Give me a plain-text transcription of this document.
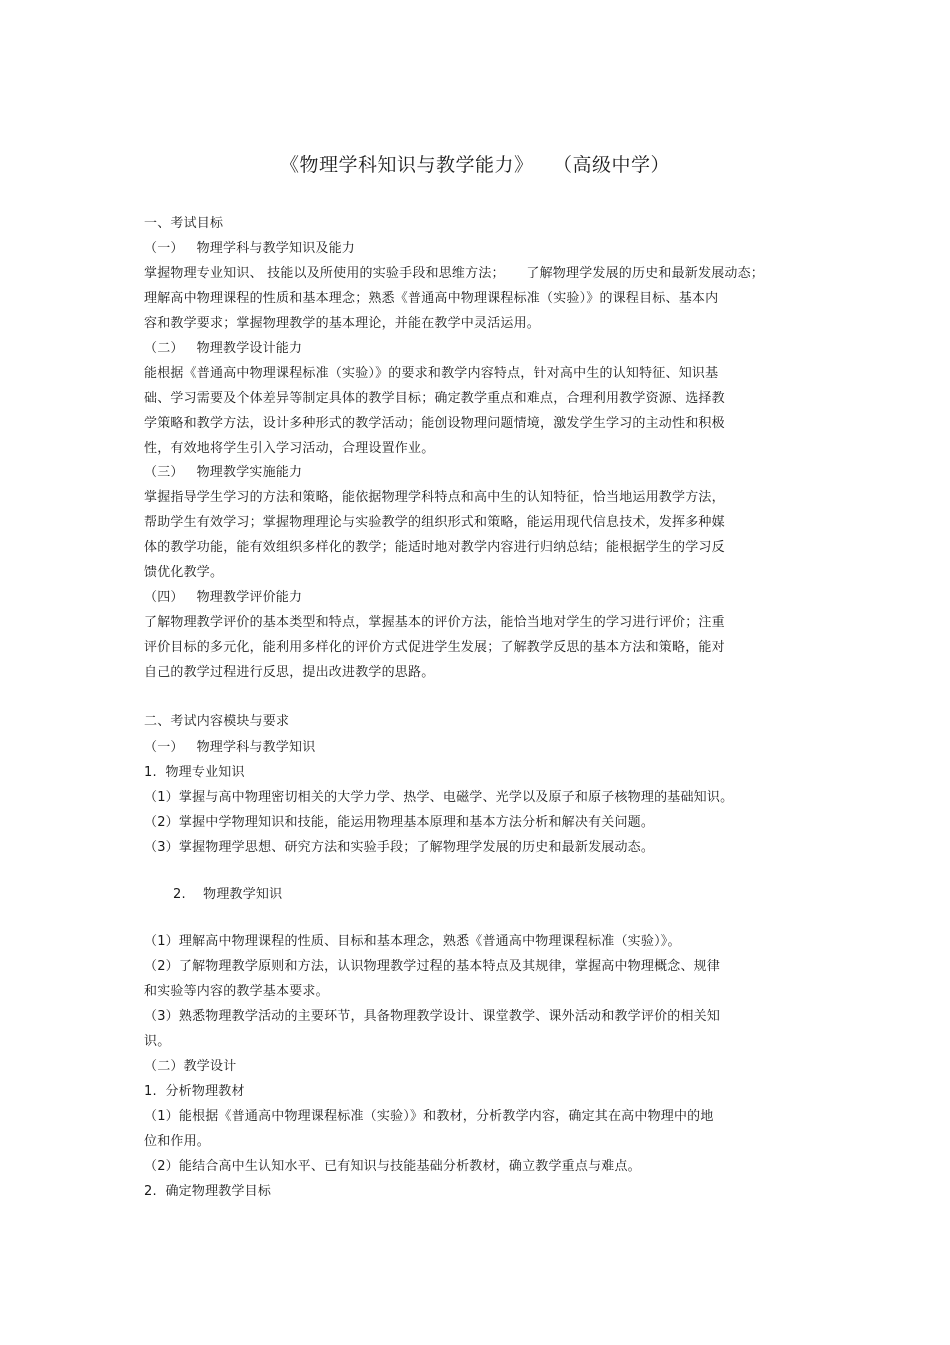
《物理学科知识与教学能力》   （高级中学）
一、考试目标
（一）   物理学科与教学知识及能力
掌握物理专业知识、 技能以及所使用的实验手段和思维方法；     了解物理学发展的历史和最新发展动态；
理解高中物理课程的性质和基本理念；熟悉《普通高中物理课程标准（实验）》的课程目标、基本内
容和教学要求；掌握物理教学的基本理论，并能在教学中灵活运用。
（二）   物理教学设计能力
能根据《普通高中物理课程标准（实验）》的要求和教学内容特点，针对高中生的认知特征、知识基
础、学习需要及个体差异等制定具体的教学目标；确定教学重点和难点，合理利用教学资源、选择教
学策略和教学方法，设计多种形式的教学活动；能创设物理问题情境，激发学生学习的主动性和积极
性，有效地将学生引入学习活动，合理设置作业。
（三）   物理教学实施能力
掌握指导学生学习的方法和策略，能依据物理学科特点和高中生的认知特征，恰当地运用教学方法，
帮助学生有效学习；掌握物理理论与实验教学的组织形式和策略，能运用现代信息技术，发挥多种媒
体的教学功能，能有效组织多样化的教学；能适时地对教学内容进行归纳总结；能根据学生的学习反
馈优化教学。
（四）   物理教学评价能力
了解物理教学评价的基本类型和特点，掌握基本的评价方法，能恰当地对学生的学习进行评价；注重
评价目标的多元化，能利用多样化的评价方式促进学生发展；了解教学反思的基本方法和策略，能对
自己的教学过程进行反思，提出改进教学的思路。
二、考试内容模块与要求
（一）   物理学科与教学知识
1.  物理专业知识
（1）掌握与高中物理密切相关的大学力学、热学、电磁学、光学以及原子和原子核物理的基础知识。
（2）掌握中学物理知识和技能，能运用物理基本原理和基本方法分析和解决有关问题。
（3）掌握物理学思想、研究方法和实验手段；了解物理学发展的历史和最新发展动态。
2.    物理教学知识
（1）理解高中物理课程的性质、目标和基本理念，熟悉《普通高中物理课程标准（实验）》。
（2）了解物理教学原则和方法，认识物理教学过程的基本特点及其规律，掌握高中物理概念、规律
和实验等内容的教学基本要求。
（3）熟悉物理教学活动的主要环节，具备物理教学设计、课堂教学、课外活动和教学评价的相关知
识。
（二）教学设计
1.  分析物理教材
（1）能根据《普通高中物理课程标准（实验）》和教材，分析教学内容，确定其在高中物理中的地
位和作用。
（2）能结合高中生认知水平、已有知识与技能基础分析教材，确立教学重点与难点。
2.  确定物理教学目标
